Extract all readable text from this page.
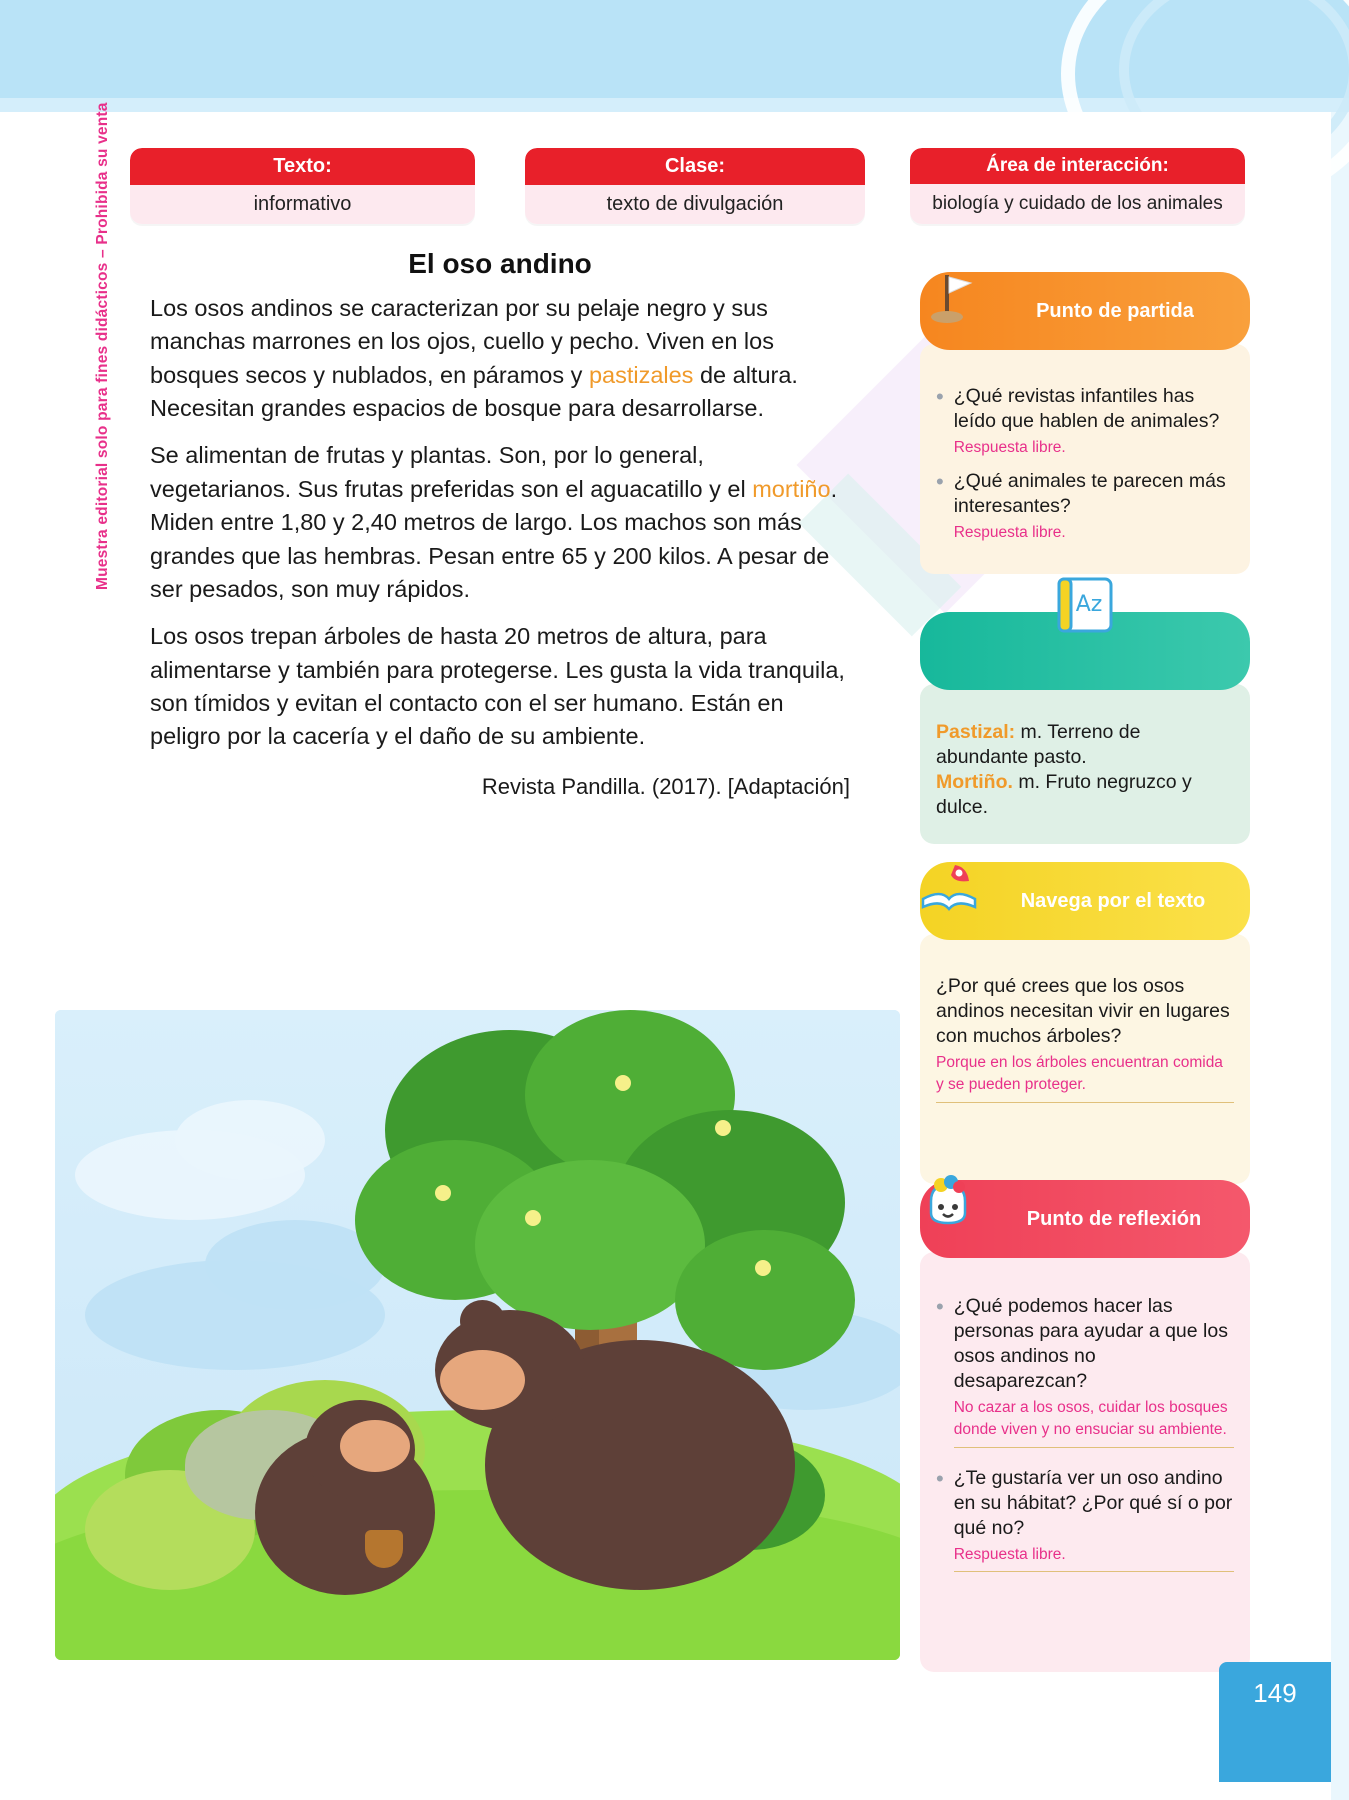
Muestra editorial solo para fines didácticos – Prohibida su venta	Texto:
informativo
Clase:
texto de divulgación
Área de interacción:
biología y cuidado de los animales
El oso andino

Los osos andinos se caracterizan por su pelaje negro y sus manchas marrones en los ojos, cuello y pecho. Viven en los bosques secos y nublados, en páramos y pastizales de altura. Necesitan grandes espacios de bosque para desarrollarse.

Se alimentan de frutas y plantas. Son, por lo general, vegetarianos. Sus frutas preferidas son el aguacatillo y el mortiño. Miden entre 1,80 y 2,40 metros de largo. Los machos son más grandes que las hembras. Pesan entre 65 y 200 kilos. A pesar de ser pesados, son muy rápidos.

Los osos trepan árboles de hasta 20 metros de altura, para alimentarse y también para protegerse. Les gusta la vida tranquila, son tímidos y evitan el contacto con el ser humano. Están en peligro por la cacería y el daño de su ambiente.

Revista Pandilla. (2017). [Adaptación]
• ¿Qué revistas infantiles has leído que hablen de animales?

Respuesta libre.
• ¿Qué animales te parecen más interesantes?

Respuesta libre.
Punto de partida

Pastizal: m. Terreno de abundante pasto.

Mortiño. m. Fruto negruzco y dulce.

Az

¿Por qué crees que los osos andinos necesitan vivir en lugares con muchos árboles?

Porque en los árboles encuentran comida y se pueden proteger.
Navega por el texto
• ¿Qué podemos hacer las personas para ayudar a que los osos andinos no desaparezcan?

No cazar a los osos, cuidar los bosques donde viven y no ensuciar su ambiente.
• ¿Te gustaría ver un oso andino en su hábitat? ¿Por qué sí o por qué no?

Respuesta libre.
Punto de reflexión
149
